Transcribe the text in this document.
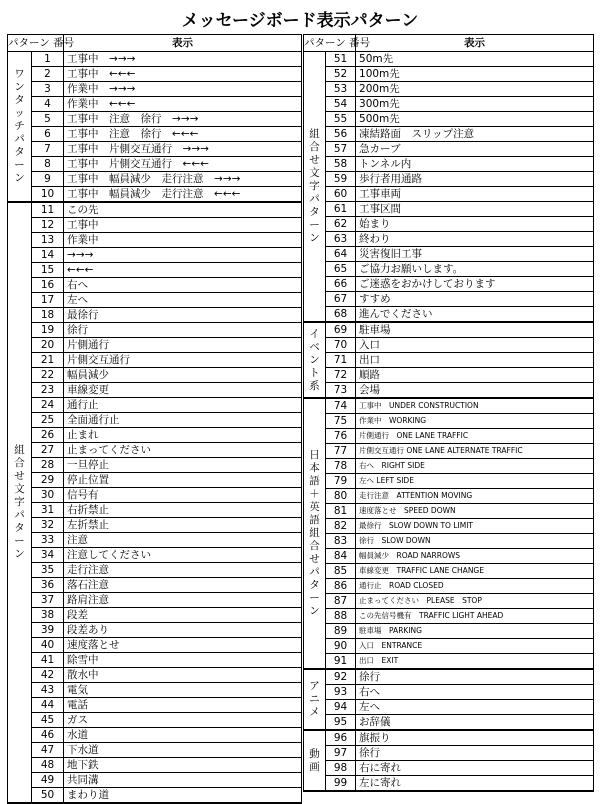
メッセージボード表示パターン
パターン 番号		表示
ワンタッチパターン	1	工事中　→→→
	2	工事中　←←←
	3	作業中　→→→
	4	作業中　←←←
	5	工事中　注意　徐行　→→→
	6	工事中　注意　徐行　←←←
	7	工事中　片側交互通行　→→→
	8	工事中　片側交互通行　←←←
	9	工事中　幅員減少　走行注意　→→→
	10	工事中　幅員減少　走行注意　←←←
組合せ文字パターン	11	この先
	12	工事中
	13	作業中
	14	→→→
	15	←←←
	16	右へ
	17	左へ
	18	最徐行
	19	徐行
	20	片側通行
	21	片側交互通行
	22	幅員減少
	23	車線変更
	24	通行止
	25	全面通行止
	26	止まれ
	27	止まってください
	28	一旦停止
	29	停止位置
	30	信号有
	31	右折禁止
	32	左折禁止
	33	注意
	34	注意してください
	35	走行注意
	36	落石注意
	37	路肩注意
	38	段差
	39	段差あり
	40	速度落とせ
	41	除雪中
	42	散水中
	43	電気
	44	電話
	45	ガス
	46	水道
	47	下水道
	48	地下鉄
	49	共同溝
	50	まわり道
パターン 番号		表示
組合せ文字パターン	51	50m先
	52	100m先
	53	200m先
	54	300m先
	55	500m先
	56	凍結路面　スリップ注意
	57	急カーブ
	58	トンネル内
	59	歩行者用通路
	60	工事車両
	61	工事区間
	62	始まり
	63	終わり
	64	災害復旧工事
	65	ご協力お願いします。
	66	ご迷惑をおかけしております
	67	すすめ
	68	進んでください
イベント系	69	駐車場
	70	入口
	71	出口
	72	順路
	73	会場
日本語＋英語組合せパターン	74	工事中　UNDER CONSTRUCTION
	75	作業中　WORKING
	76	片側通行　ONE LANE TRAFFIC
	77	片側交互通行 ONE LANE ALTERNATE TRAFFIC
	78	右へ　RIGHT SIDE
	79	左へ LEFT SIDE
	80	走行注意　ATTENTION MOVING
	81	速度落とせ　SPEED DOWN
	82	最徐行　SLOW DOWN TO LIMIT
	83	徐行　SLOW DOWN
	84	幅員減少　ROAD NARROWS
	85	車線変更　TRAFFIC LANE CHANGE
	86	通行止　ROAD CLOSED
	87	止まってください　PLEASE　STOP
	88	この先信号機有　TRAFFIC LIGHT AHEAD
	89	駐車場　PARKING
	90	入口　ENTRANCE
	91	出口　EXIT
アニメ	92	徐行
	93	右へ
	94	左へ
	95	お辞儀
動画	96	旗振り
	97	徐行
	98	右に寄れ
	99	左に寄れ
